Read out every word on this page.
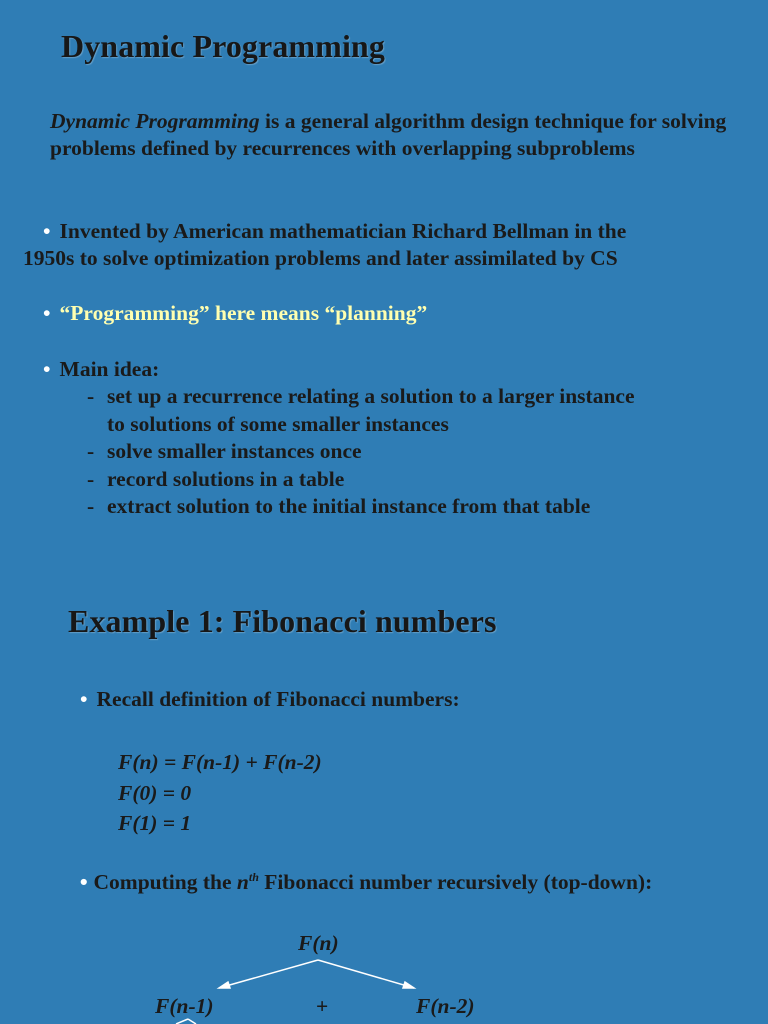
Dynamic Programming
Dynamic Programming is a general algorithm design technique for solving problems defined by recurrences with overlapping subproblems
• Invented by American mathematician Richard Bellman in the
1950s to solve optimization problems and later assimilated by CS
• “Programming” here means “planning”
• Main idea:
- set up a recurrence relating a solution to a larger instance
to solutions of some smaller instances
- solve smaller instances once
- record solutions in a table
- extract solution to the initial instance from that table
Example 1: Fibonacci numbers
• Recall definition of Fibonacci numbers:
F(n) = F(n-1) + F(n-2)
F(0) = 0
F(1) = 1
• Computing the $n^{th}$ Fibonacci number recursively (top-down):
F(n)
F(n-1)	+	F(n-2)
